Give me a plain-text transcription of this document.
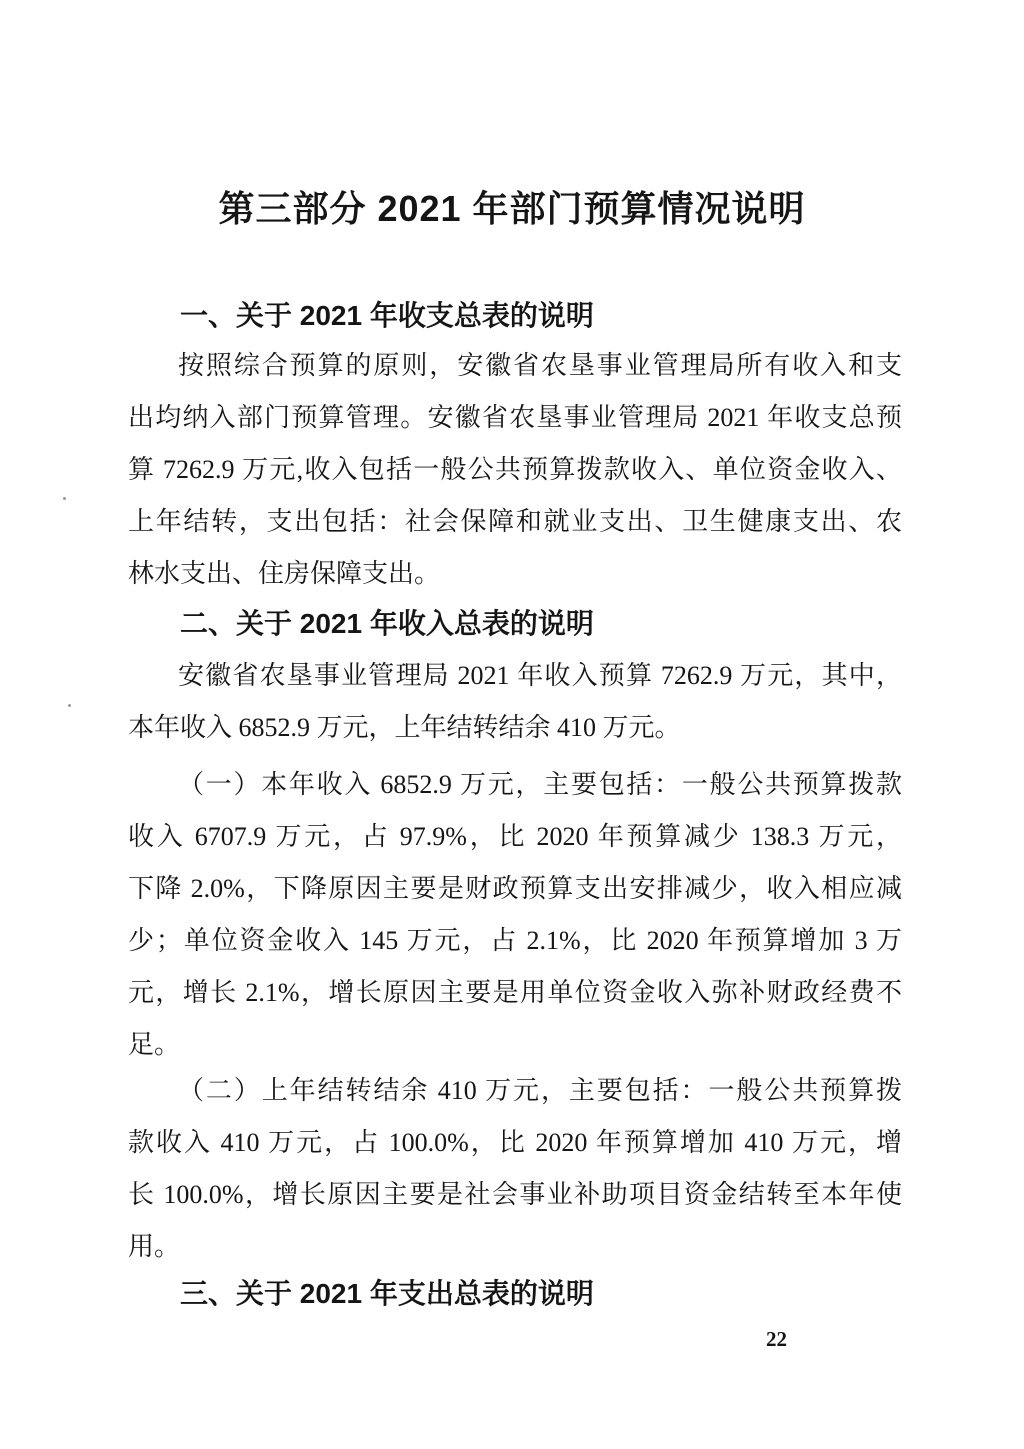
第三部分 2021 年部门预算情况说明
一、关于 2021 年收支总表的说明
按照综合预算的原则，安徽省农垦事业管理局所有收入和支
出均纳入部门预算管理。安徽省农垦事业管理局 2021 年收支总预
算 7262.9 万元,收入包括一般公共预算拨款收入、单位资金收入、
上年结转，支出包括：社会保障和就业支出、卫生健康支出、农
林水支出、住房保障支出。
二、关于 2021 年收入总表的说明
安徽省农垦事业管理局 2021 年收入预算 7262.9 万元，其中，
本年收入 6852.9 万元，上年结转结余 410 万元。
（一）本年收入 6852.9 万元，主要包括：一般公共预算拨款
收入 6707.9 万元，占 97.9%，比 2020 年预算减少 138.3 万元，
下降 2.0%，下降原因主要是财政预算支出安排减少，收入相应减
少；单位资金收入 145 万元，占 2.1%，比 2020 年预算增加 3 万
元，增长 2.1%，增长原因主要是用单位资金收入弥补财政经费不
足。
（二）上年结转结余 410 万元，主要包括：一般公共预算拨
款收入 410 万元，占 100.0%，比 2020 年预算增加 410 万元，增
长 100.0%，增长原因主要是社会事业补助项目资金结转至本年使
用。
三、关于 2021 年支出总表的说明
22
